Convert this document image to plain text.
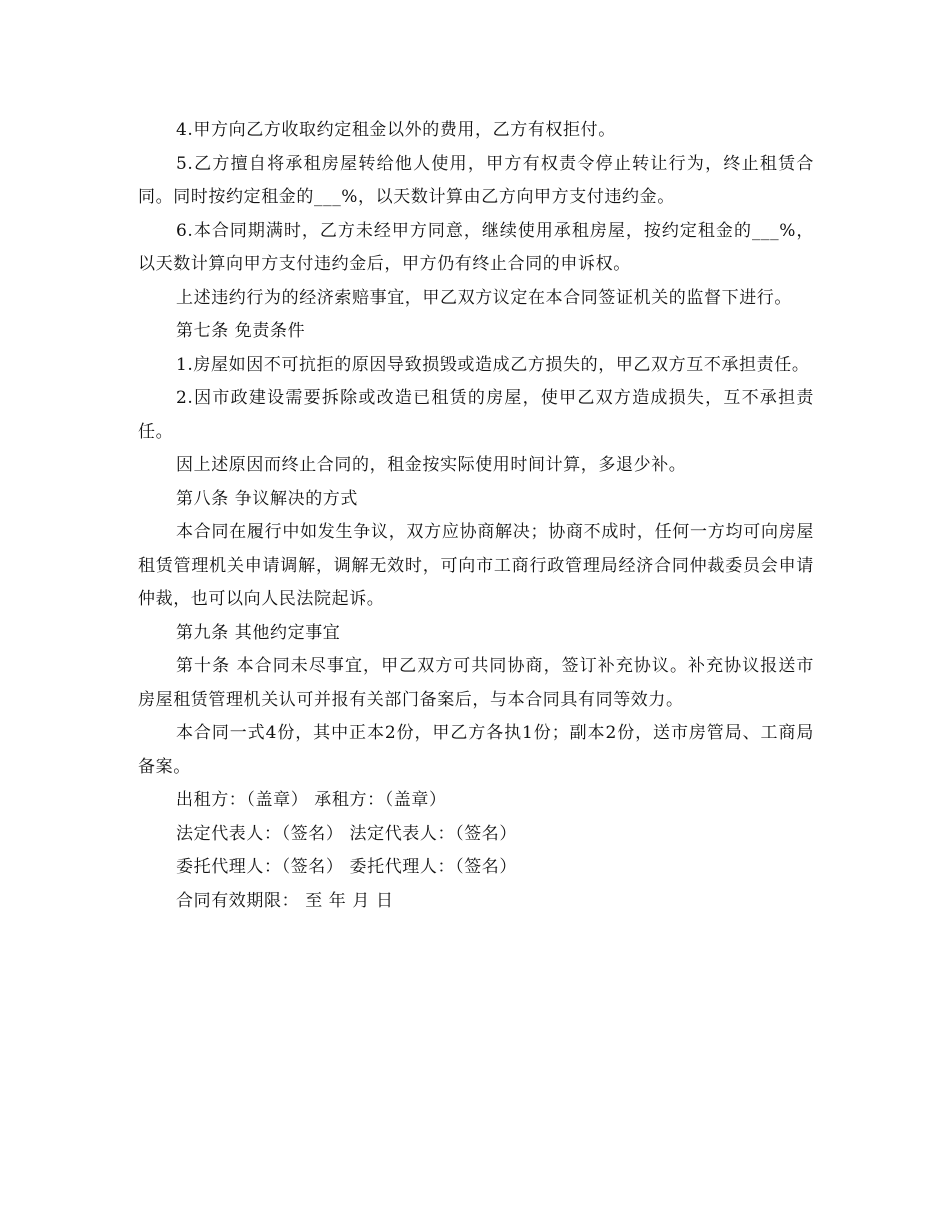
4.甲方向乙方收取约定租金以外的费用，乙方有权拒付。

5.乙方擅自将承租房屋转给他人使用，甲方有权责令停止转让行为，终止租赁合同。同时按约定租金的___%，以天数计算由乙方向甲方支付违约金。

6.本合同期满时，乙方未经甲方同意，继续使用承租房屋，按约定租金的___%，以天数计算向甲方支付违约金后，甲方仍有终止合同的申诉权。

上述违约行为的经济索赔事宜，甲乙双方议定在本合同签证机关的监督下进行。

第七条 免责条件

1.房屋如因不可抗拒的原因导致损毁或造成乙方损失的，甲乙双方互不承担责任。

2.因市政建设需要拆除或改造已租赁的房屋，使甲乙双方造成损失，互不承担责任。

因上述原因而终止合同的，租金按实际使用时间计算，多退少补。

第八条 争议解决的方式

本合同在履行中如发生争议，双方应协商解决；协商不成时，任何一方均可向房屋租赁管理机关申请调解，调解无效时，可向市工商行政管理局经济合同仲裁委员会申请仲裁，也可以向人民法院起诉。

第九条 其他约定事宜

第十条 本合同未尽事宜，甲乙双方可共同协商，签订补充协议。补充协议报送市房屋租赁管理机关认可并报有关部门备案后，与本合同具有同等效力。

本合同一式4份，其中正本2份，甲乙方各执1份；副本2份，送市房管局、工商局备案。

出租方：（盖章） 承租方：（盖章）

法定代表人：（签名） 法定代表人：（签名）

委托代理人：（签名） 委托代理人：（签名）

合同有效期限： 至 年 月 日
